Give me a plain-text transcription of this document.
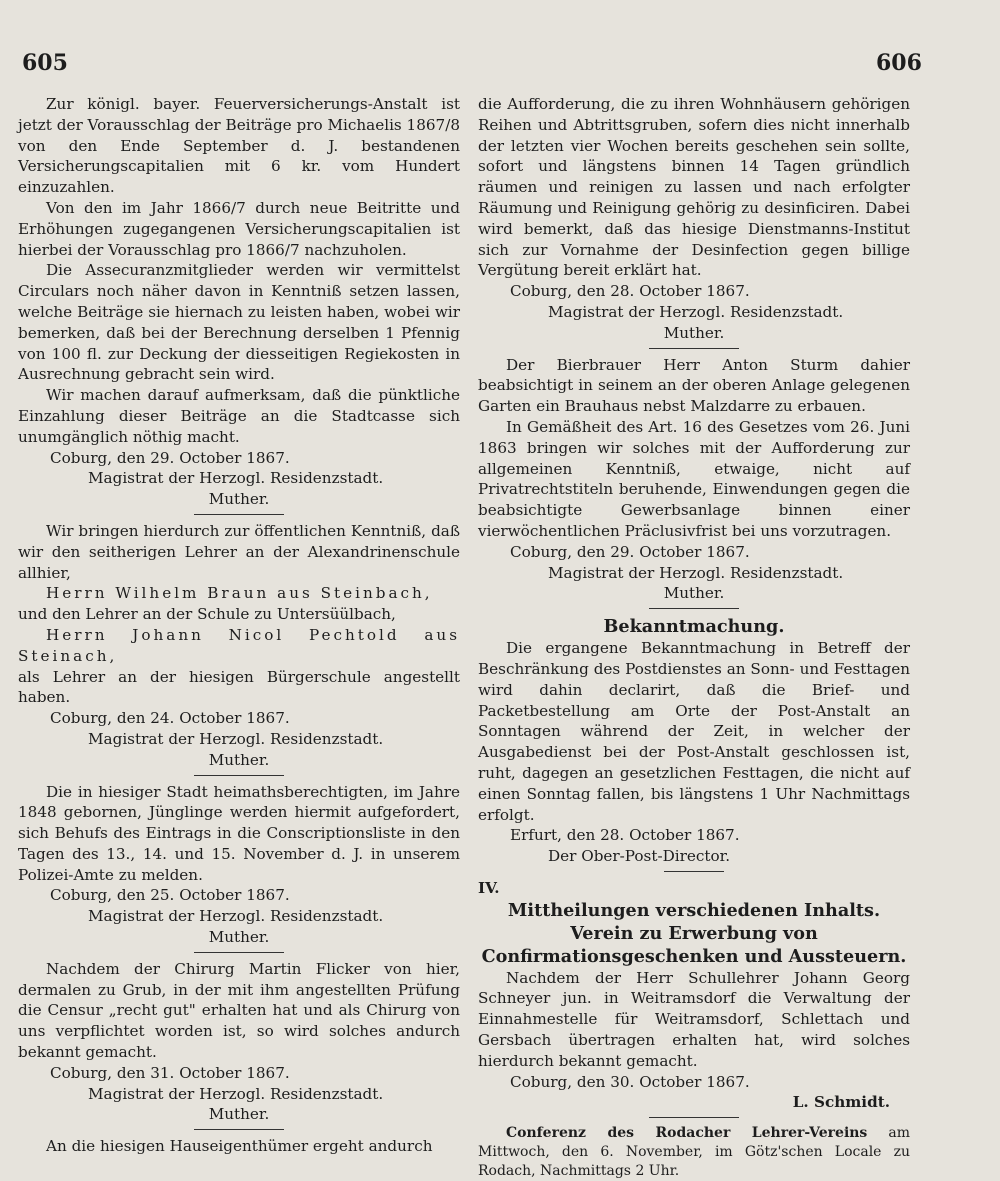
605	606

Zur königl. bayer. Feuerversicherungs-Anstalt ist jetzt der Vorausschlag der Beiträge pro Michaelis 1867/8 von den Ende September d. J. bestandenen Versicherungscapitalien mit 6 kr. vom Hundert einzuzahlen.

Von den im Jahr 1866/7 durch neue Beitritte und Erhöhungen zugegangenen Versicherungscapitalien ist hierbei der Vorausschlag pro 1866/7 nachzuholen.

Die Assecuranzmitglieder werden wir vermittelst Circulars noch näher davon in Kenntniß setzen lassen, welche Beiträge sie hiernach zu leisten haben, wobei wir bemerken, daß bei der Berechnung derselben 1 Pfennig von 100 fl. zur Deckung der diesseitigen Regiekosten in Ausrechnung gebracht sein wird.

Wir machen darauf aufmerksam, daß die pünktliche Einzahlung dieser Beiträge an die Stadtcasse sich unumgänglich nöthig macht.

Coburg, den 29. October 1867.

Magistrat der Herzogl. Residenzstadt.

Muther.

Wir bringen hierdurch zur öffentlichen Kenntniß, daß wir den seitherigen Lehrer an der Alexandrinenschule allhier,

Herrn Wilhelm Braun aus Steinbach,

und den Lehrer an der Schule zu Untersüülbach,

Herrn Johann Nicol Pechtold aus Steinach,

als Lehrer an der hiesigen Bürgerschule angestellt haben.

Coburg, den 24. October 1867.

Magistrat der Herzogl. Residenzstadt.

Muther.

Die in hiesiger Stadt heimathsberechtigten, im Jahre 1848 gebornen, Jünglinge werden hiermit aufgefordert, sich Behufs des Eintrags in die Conscriptionsliste in den Tagen des 13., 14. und 15. November d. J. in unserem Polizei-Amte zu melden.

Coburg, den 25. October 1867.

Magistrat der Herzogl. Residenzstadt.

Muther.

Nachdem der Chirurg Martin Flicker von hier, dermalen zu Grub, in der mit ihm angestellten Prüfung die Censur „recht gut" erhalten hat und als Chirurg von uns verpflichtet worden ist, so wird solches andurch bekannt gemacht.

Coburg, den 31. October 1867.

Magistrat der Herzogl. Residenzstadt.

Muther.

An die hiesigen Hauseigenthümer ergeht andurch

die Aufforderung, die zu ihren Wohnhäusern gehörigen Reihen und Abtrittsgruben, sofern dies nicht innerhalb der letzten vier Wochen bereits geschehen sein sollte, sofort und längstens binnen 14 Tagen gründlich räumen und reinigen zu lassen und nach erfolgter Räumung und Reinigung gehörig zu desinficiren. Dabei wird bemerkt, daß das hiesige Dienstmanns-Institut sich zur Vornahme der Desinfection gegen billige Vergütung bereit erklärt hat.

Coburg, den 28. October 1867.

Magistrat der Herzogl. Residenzstadt.

Muther.

Der Bierbrauer Herr Anton Sturm dahier beabsichtigt in seinem an der oberen Anlage gelegenen Garten ein Brauhaus nebst Malzdarre zu erbauen.

In Gemäßheit des Art. 16 des Gesetzes vom 26. Juni 1863 bringen wir solches mit der Aufforderung zur allgemeinen Kenntniß, etwaige, nicht auf Privatrechtstiteln beruhende, Einwendungen gegen die beabsichtigte Gewerbsanlage binnen einer vierwöchentlichen Präclusivfrist bei uns vorzutragen.

Coburg, den 29. October 1867.

Magistrat der Herzogl. Residenzstadt.

Muther.

Bekanntmachung.

Die ergangene Bekanntmachung in Betreff der Beschränkung des Postdienstes an Sonn- und Festtagen wird dahin declarirt, daß die Brief- und Packetbestellung am Orte der Post-Anstalt an Sonntagen während der Zeit, in welcher der Ausgabedienst bei der Post-Anstalt geschlossen ist, ruht, dagegen an gesetzlichen Festtagen, die nicht auf einen Sonntag fallen, bis längstens 1 Uhr Nachmittags erfolgt.

Erfurt, den 28. October 1867.

Der Ober-Post-Director.

IV.

Mittheilungen verschiedenen Inhalts.

Verein zu Erwerbung von Confirmationsgeschenken und Aussteuern.

Nachdem der Herr Schullehrer Johann Georg Schneyer jun. in Weitramsdorf die Verwaltung der Einnahmestelle für Weitramsdorf, Schlettach und Gersbach übertragen erhalten hat, wird solches hierdurch bekannt gemacht.

Coburg, den 30. October 1867.

L. Schmidt.

Conferenz des Rodacher Lehrer-Vereins am Mittwoch, den 6. November, im Götz'schen Locale zu Rodach, Nachmittags 2 Uhr.
